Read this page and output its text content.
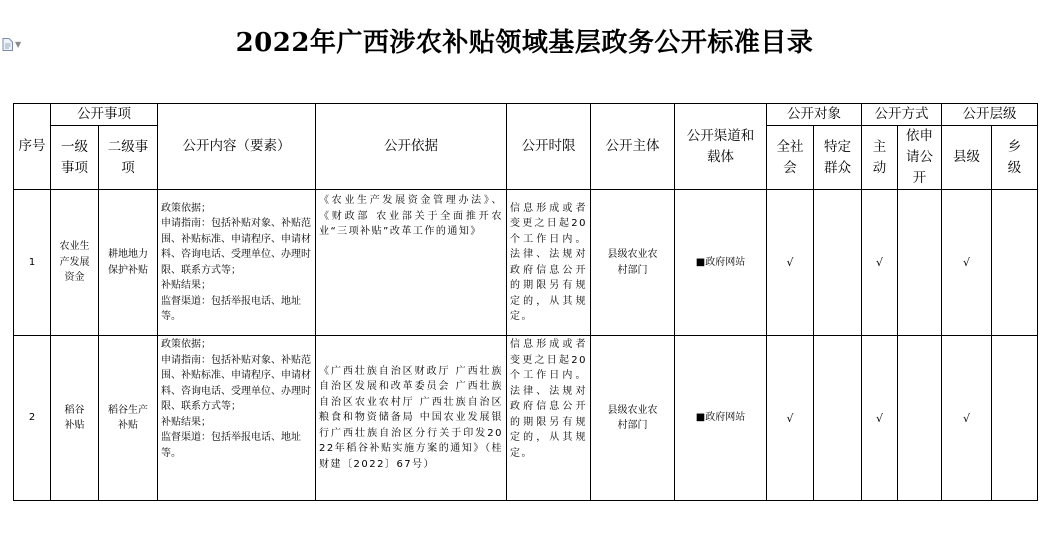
▼	2022年广西涉农补贴领域基层政务公开标准目录
序号	公开事项		公开内容（要素）	公开依据	公开时限	公开主体	公开渠道和载体	公开对象		公开方式		公开层级	
	一级事项	二级事项						全社会	特定群众	主动	依申请公开	县级	乡级
1	农业生产发展资金	耕地地力保护补贴	政策依据；
申请指南：包括补贴对象、补贴范围、补贴标准、申请程序、申请材料、咨询电话、受理单位、办理时限、联系方式等；
补贴结果；
监督渠道：包括举报电话、地址等。	《农业生产发展资金管理办法》、《财政部 农业部关于全面推开农业“三项补贴”改革工作的通知》	信息形成或者变更之日起20个工作日内。法律、法规对政府信息公开的期限另有规定的，从其规定。	县级农业农村部门	■政府网站	√		√		√	
2	稻谷补贴	稻谷生产补贴	政策依据；
申请指南：包括补贴对象、补贴范围、补贴标准、申请程序、申请材料、咨询电话、受理单位、办理时限、联系方式等；
补贴结果；
监督渠道：包括举报电话、地址等。	《广西壮族自治区财政厅 广西壮族自治区发展和改革委员会 广西壮族自治区农业农村厅 广西壮族自治区粮食和物资储备局 中国农业发展银行广西壮族自治区分行关于印发2022年稻谷补贴实施方案的通知》（桂财建〔2022〕67号）	信息形成或者变更之日起20个工作日内。法律、法规对政府信息公开的期限另有规定的，从其规定。	县级农业农村部门	■政府网站	√		√		√	
